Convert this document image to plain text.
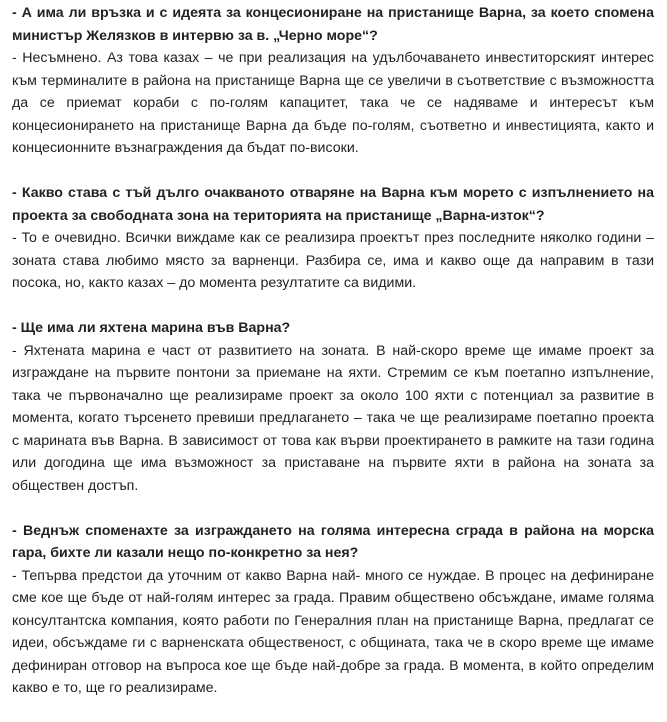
- А има ли връзка и с идеята за концесиониране на пристанище Варна, за което спомена министър Желязков в интервю за в. „Черно море“?

- Несъмнено. Аз това казах – че при реализация на удълбочаването инвеститорският интерес към терминалите в района на пристанище Варна ще се увеличи в съответствие с възможността да се приемат кораби с по-голям капацитет, така че се надяваме и интересът към концесионирането на пристанище Варна да бъде по-голям, съответно и инвестицията, както и концесионните възнаграждения да бъдат по-високи.

- Какво става с тъй дълго очакваното отваряне на Варна към морето с изпълнението на проекта за свободната зона на територията на пристанище „Варна-изток“?

- То е очевидно. Всички виждаме как се реализира проектът през последните няколко години – зоната става любимо място за варненци. Разбира се, има и какво още да направим в тази посока, но, както казах – до момента резултатите са видими.

- Ще има ли яхтена марина във Варна?

- Яхтената марина е част от развитието на зоната. В най-скоро време ще имаме проект за изграждане на първите понтони за приемане на яхти. Стремим се към поетапно изпълнение, така че първоначално ще реализираме проект за около 100 яхти с потенциал за развитие в момента, когато търсенето превиши предлагането – така че ще реализираме поетапно проекта с марината във Варна. В зависимост от това как върви проектирането в рамките на тази година или догодина ще има възможност за приставане на първите яхти в района на зоната за обществен достъп.

- Веднъж споменахте за изграждането на голяма интересна сграда в района на морска гара, бихте ли казали нещо по-конкретно за нея?

- Тепърва предстои да уточним от какво Варна най- много се нуждае. В процес на дефиниране сме кое ще бъде от най-голям интерес за града. Правим обществено обсъждане, имаме голяма консултантска компания, която работи по Генералния план на пристанище Варна, предлагат се идеи, обсъждаме ги с варненската общественост, с общината, така че в скоро време ще имаме дефиниран отговор на въпроса кое ще бъде най-добре за града. В момента, в който определим какво е то, ще го реализираме.
